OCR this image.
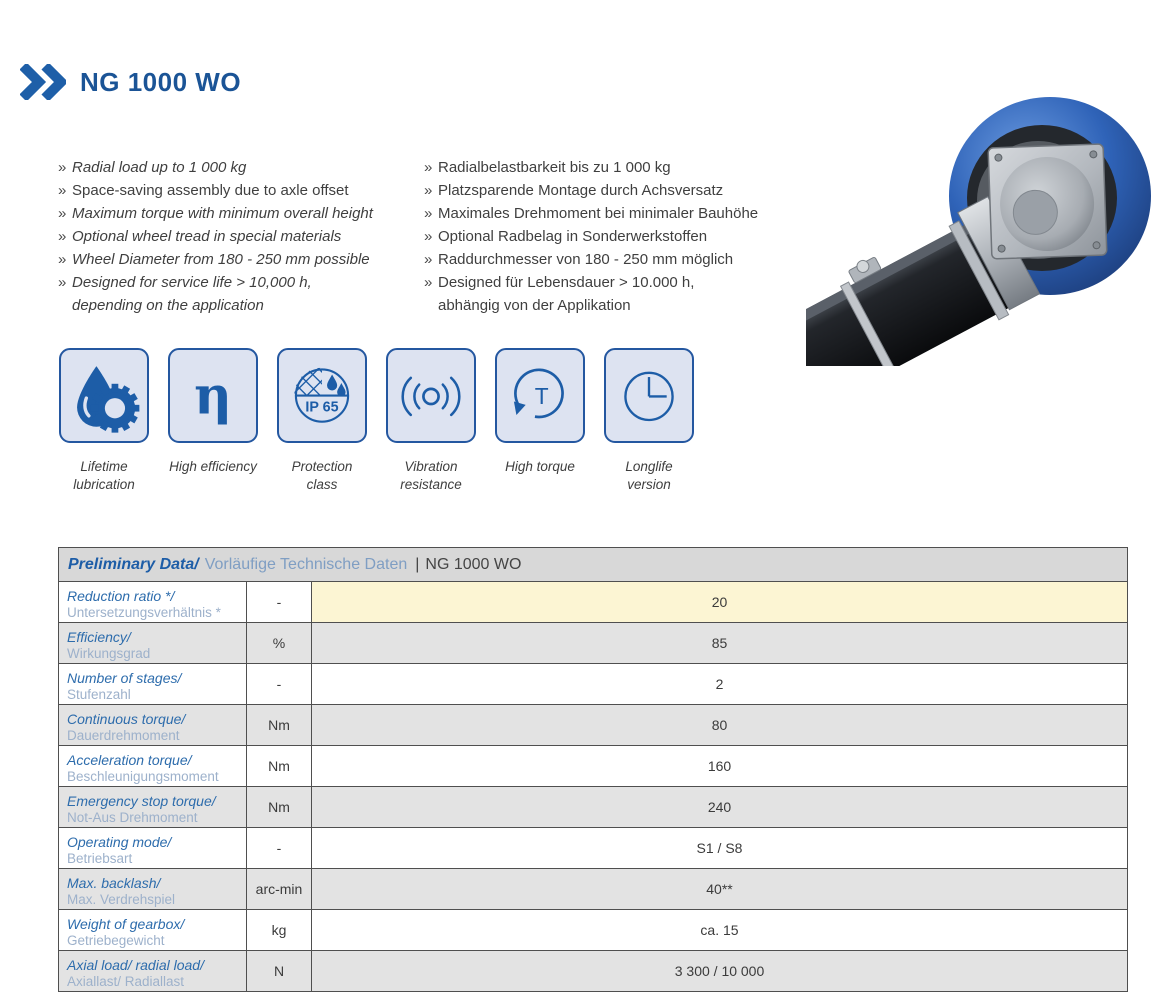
NG 1000 WO
» Radial load up to 1 000 kg
» Space-saving assembly due to axle offset
» Maximum torque with minimum overall height
» Optional wheel tread in special materials
» Wheel Diameter from 180 - 250 mm possible
» Designed for service life > 10,000 h,
depending on the application
» Radialbelastbarkeit bis zu 1 000 kg
» Platzsparende Montage durch Achsversatz
» Maximales Drehmoment bei minimaler Bauhöhe
» Optional Radbelag in Sonderwerkstoffen
» Raddurchmesser von 180 - 250 mm möglich
» Designed für Lebensdauer > 10.000 h,
abhängig von der Applikation
Lifetime
lubrication
η
High efficiency
IP 65
Protection
class
Vibration
resistance
T
High torque	Longlife
version
Preliminary Data/ Vorläufige Technische Daten | NG 1000 WO
Reduction ratio */
Untersetzungsverhältnis *
-	20
Efficiency/
Wirkungsgrad
%	85
Number of stages/
Stufenzahl
-	2
Continuous torque/
Dauerdrehmoment
Nm	80
Acceleration torque/
Beschleunigungsmoment
Nm	160
Emergency stop torque/
Not-Aus Drehmoment
Nm	240
Operating mode/
Betriebsart
-	S1 / S8
Max. backlash/
Max. Verdrehspiel
arc-min	40**
Weight of gearbox/
Getriebegewicht
kg	ca. 15
Axial load/ radial load/
Axiallast/ Radiallast
N	3 300 / 10 000
